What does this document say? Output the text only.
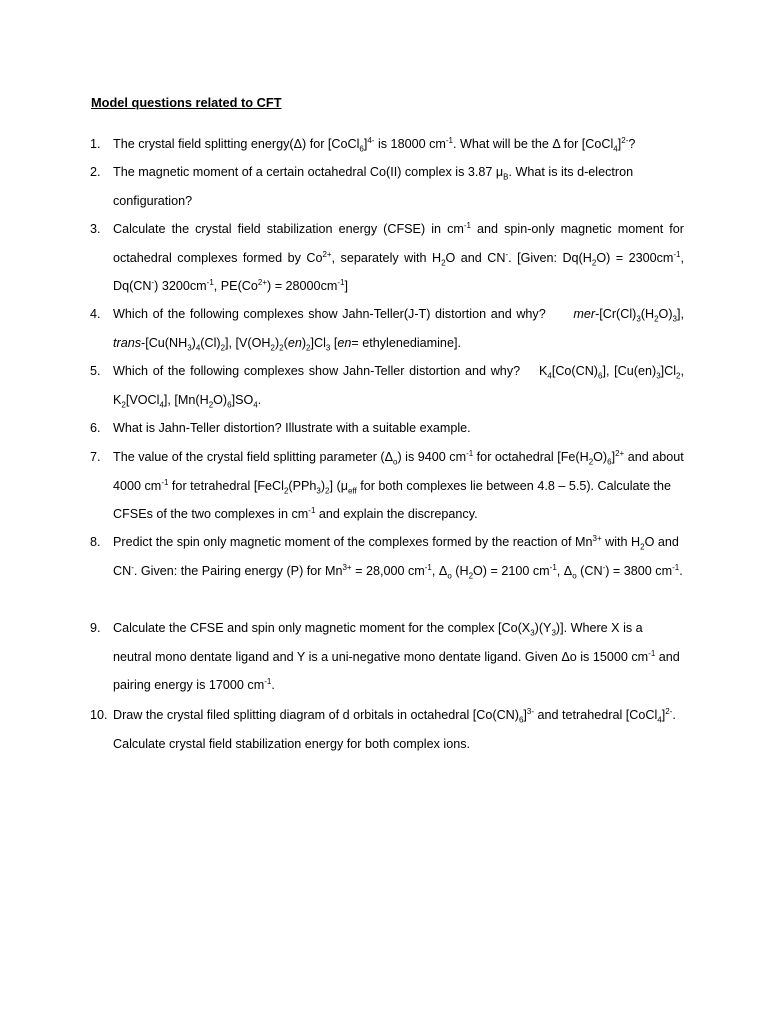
Model questions related to CFT
1. The crystal field splitting energy(Δ) for [CoCl$_6$]$^{4-}$ is 18000 $cm^{-1}$. What will be the Δ for [CoCl$_4$]$^{2-}$?
2. The magnetic moment of a certain octahedral Co(II) complex is 3.87 $\mu_B$. What is its d-electron configuration?
3. Calculate the crystal field stabilization energy (CFSE) in $cm^{-1}$ and spin-only magnetic moment for octahedral complexes formed by $Co^{2+}$, separately with $H_2O$ and CN-. [Given: $Dq(H_2O) = 2300cm^{-1}$, Dq(CN-) $3200cm^{-1}$, $PE(Co^{2+}) = 28000cm^{-1}$]
4. Which of the following complexes show Jahn-Teller(J-T) distortion and why?      mer-$[Cr(Cl)_3(H_2O)_3]$, trans-$[Cu(NH_3)_4(Cl)_2]$, $[V(OH_2)_2(en)_2]Cl_3$ [en= ethylenediamine].
5. Which of the following complexes show Jahn-Teller distortion and why?    $K_4[Co(CN)_6]$, $[Cu(en)_3]Cl_2$, $K_2[VOCl_4]$, $[Mn(H_2O)_6]SO_4$.
6. What is Jahn-Teller distortion? Illustrate with a suitable example.
7. The value of the crystal field splitting parameter $(\Delta_o)$ is 9400 $cm^{-1}$ for octahedral $[Fe(H_2O)_6]^{2+}$ and about 4000 $cm^{-1}$ for tetrahedral $[FeCl_2(PPh_3)_2]$ ($\mu_{eff}$ for both complexes lie between 4.8 – 5.5). Calculate the CFSEs of the two complexes in $cm^{-1}$ and explain the discrepancy.
8. Predict the spin only magnetic moment of the complexes formed by the reaction of $Mn^{3+}$ with $H_2O$ and CN-. Given: the Pairing energy (P) for $Mn^{3+} = 28,000$ $cm^{-1}$, $\Delta_o$ $(H_2O) = 2100$ $cm^{-1}$, $\Delta_o$ (CN-) = 3800 $cm^{-1}$.
9. Calculate the CFSE and spin only magnetic moment for the complex $[Co(X_3)(Y_3)]$. Where X is a neutral mono dentate ligand and Y is a uni-negative mono dentate ligand. Given Δo is 15000 $cm^{-1}$ and pairing energy is 17000 $cm^{-1}$.
10. Draw the crystal filed splitting diagram of d orbitals in octahedral $[Co(CN)_6]^{3-}$ and tetrahedral [CoCl$_4$]$^{2-}$. Calculate crystal field stabilization energy for both complex ions.
